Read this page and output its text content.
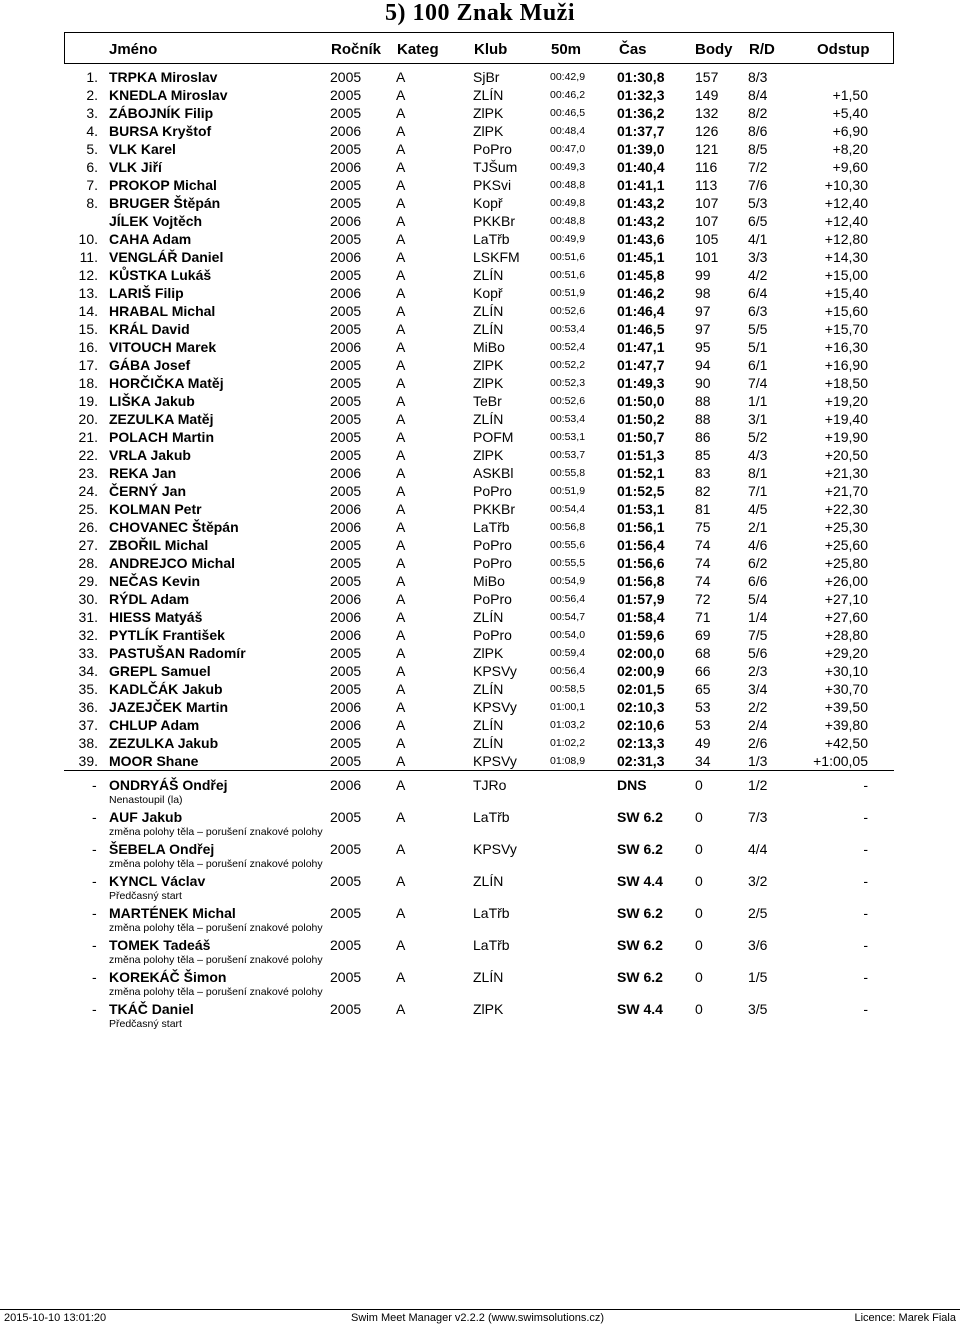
5) 100 Znak Muži
Jméno	Ročník Kateg Klub	50m	Čas	Body R/D	Odstup
1. TRPKA Miroslav	2005 A	SjBr	00:42,9 01:30,8 157 8/3
2. KNEDLA Miroslav	2005 A	ZLÍN	00:46,2 01:32,3 149 8/4	+1,50
3. ZÁBOJNÍK Filip	2005 A	ZlPK	00:46,5 01:36,2 132 8/2	+5,40
4. BURSA Kryštof	2006 A	ZlPK	00:48,4 01:37,7 126 8/6	+6,90
5. VLK Karel	2005 A	PoPro	00:47,0 01:39,0 121 8/5	+8,20
6. VLK Jiří	2006 A	TJŠum	00:49,3 01:40,4 116 7/2	+9,60
7. PROKOP Michal	2005 A	PKSvi	00:48,8 01:41,1 113 7/6	+10,30
8. BRUGER Štěpán	2005 A	Kopř	00:49,8 01:43,2 107 5/3	+12,40
JÍLEK Vojtěch	2006 A	PKKBr	00:48,8 01:43,2 107 6/5	+12,40
10. CAHA Adam	2005 A	LaTřb	00:49,9 01:43,6 105 4/1	+12,80
11. VENGLÁŘ Daniel	2006 A	LSKFM	00:51,6 01:45,1 101 3/3	+14,30
12. KŮSTKA Lukáš	2005 A	ZLÍN	00:51,6 01:45,8 99	4/2	+15,00
13. LARIŠ Filip	2006 A	Kopř	00:51,9 01:46,2 98	6/4	+15,40
14. HRABAL Michal	2005 A	ZLÍN	00:52,6 01:46,4 97	6/3	+15,60
15. KRÁL David	2005 A	ZLÍN	00:53,4 01:46,5 97	5/5	+15,70
16. VITOUCH Marek	2006 A	MiBo	00:52,4 01:47,1 95	5/1	+16,30
17. GÁBA Josef	2005 A	ZlPK	00:52,2 01:47,7 94	6/1	+16,90
18. HORČIČKA Matěj	2005 A	ZlPK	00:52,3 01:49,3 90	7/4	+18,50
19. LIŠKA Jakub	2005 A	TeBr	00:52,6 01:50,0 88	1/1	+19,20
20. ZEZULKA Matěj	2005 A	ZLÍN	00:53,4 01:50,2 88	3/1	+19,40
21. POLACH Martin	2005 A	POFM	00:53,1 01:50,7 86	5/2	+19,90
22. VRLA Jakub	2005 A	ZlPK	00:53,7 01:51,3 85	4/3	+20,50
23. REKA Jan	2006 A	ASKBl	00:55,8 01:52,1 83	8/1	+21,30
24. ČERNÝ Jan	2005 A	PoPro	00:51,9 01:52,5 82	7/1	+21,70
25. KOLMAN Petr	2006 A	PKKBr	00:54,4 01:53,1 81	4/5	+22,30
26. CHOVANEC Štěpán	2006 A	LaTřb	00:56,8 01:56,1 75	2/1	+25,30
27. ZBOŘIL Michal	2005 A	PoPro	00:55,6 01:56,4 74	4/6	+25,60
28. ANDREJCO Michal	2005 A	PoPro	00:55,5 01:56,6 74	6/2	+25,80
29. NEČAS Kevin	2005 A	MiBo	00:54,9 01:56,8 74	6/6	+26,00
30. RÝDL Adam	2006 A	PoPro	00:56,4 01:57,9 72	5/4	+27,10
31. HIESS Matyáš	2006 A	ZLÍN	00:54,7 01:58,4 71	1/4	+27,60
32. PYTLÍK František	2006 A	PoPro	00:54,0 01:59,6 69	7/5	+28,80
33. PASTUŠAN Radomír	2005 A	ZlPK	00:59,4 02:00,0 68	5/6	+29,20
34. GREPL Samuel	2005 A	KPSVy	00:56,4 02:00,9 66	2/3	+30,10
35. KADLČÁK Jakub	2005 A	ZLÍN	00:58,5 02:01,5 65	3/4	+30,70
36. JAZEJČEK Martin	2006 A	KPSVy	01:00,1 02:10,3 53	2/2	+39,50
37. CHLUP Adam	2006 A	ZLÍN	01:03,2 02:10,6 53	2/4	+39,80
38. ZEZULKA Jakub	2005 A	ZLÍN	01:02,2 02:13,3 49	2/6	+42,50
39. MOOR Shane	2005 A	KPSVy	01:08,9 02:31,3 34	1/3	+1:00,05
- ONDRYÁŠ Ondřej	2006 A	TJRo	DNS	0	1/2	-
Nenastoupil (la)
- AUF Jakub	2005 A	LaTřb	SW 6.2 0	7/3	-
změna polohy těla – porušení znakové polohy
- ŠEBELA Ondřej	2005 A	KPSVy	SW 6.2 0	4/4	-
změna polohy těla – porušení znakové polohy
- KYNCL Václav	2005 A	ZLÍN	SW 4.4 0	3/2	-
Předčasný start
- MARTÉNEK Michal	2005 A	LaTřb	SW 6.2 0	2/5	-
změna polohy těla – porušení znakové polohy
- TOMEK Tadeáš	2005 A	LaTřb	SW 6.2 0	3/6	-
změna polohy těla – porušení znakové polohy
- KOREKÁČ Šimon	2005 A	ZLÍN	SW 6.2 0	1/5	-
změna polohy těla – porušení znakové polohy
- TKÁČ Daniel	2005 A	ZlPK	SW 4.4 0	3/5	-
Předčasný start
2015-10-10 13:01:20	Swim Meet Manager v2.2.2 (www.swimsolutions.cz)	Licence: Marek Fiala
